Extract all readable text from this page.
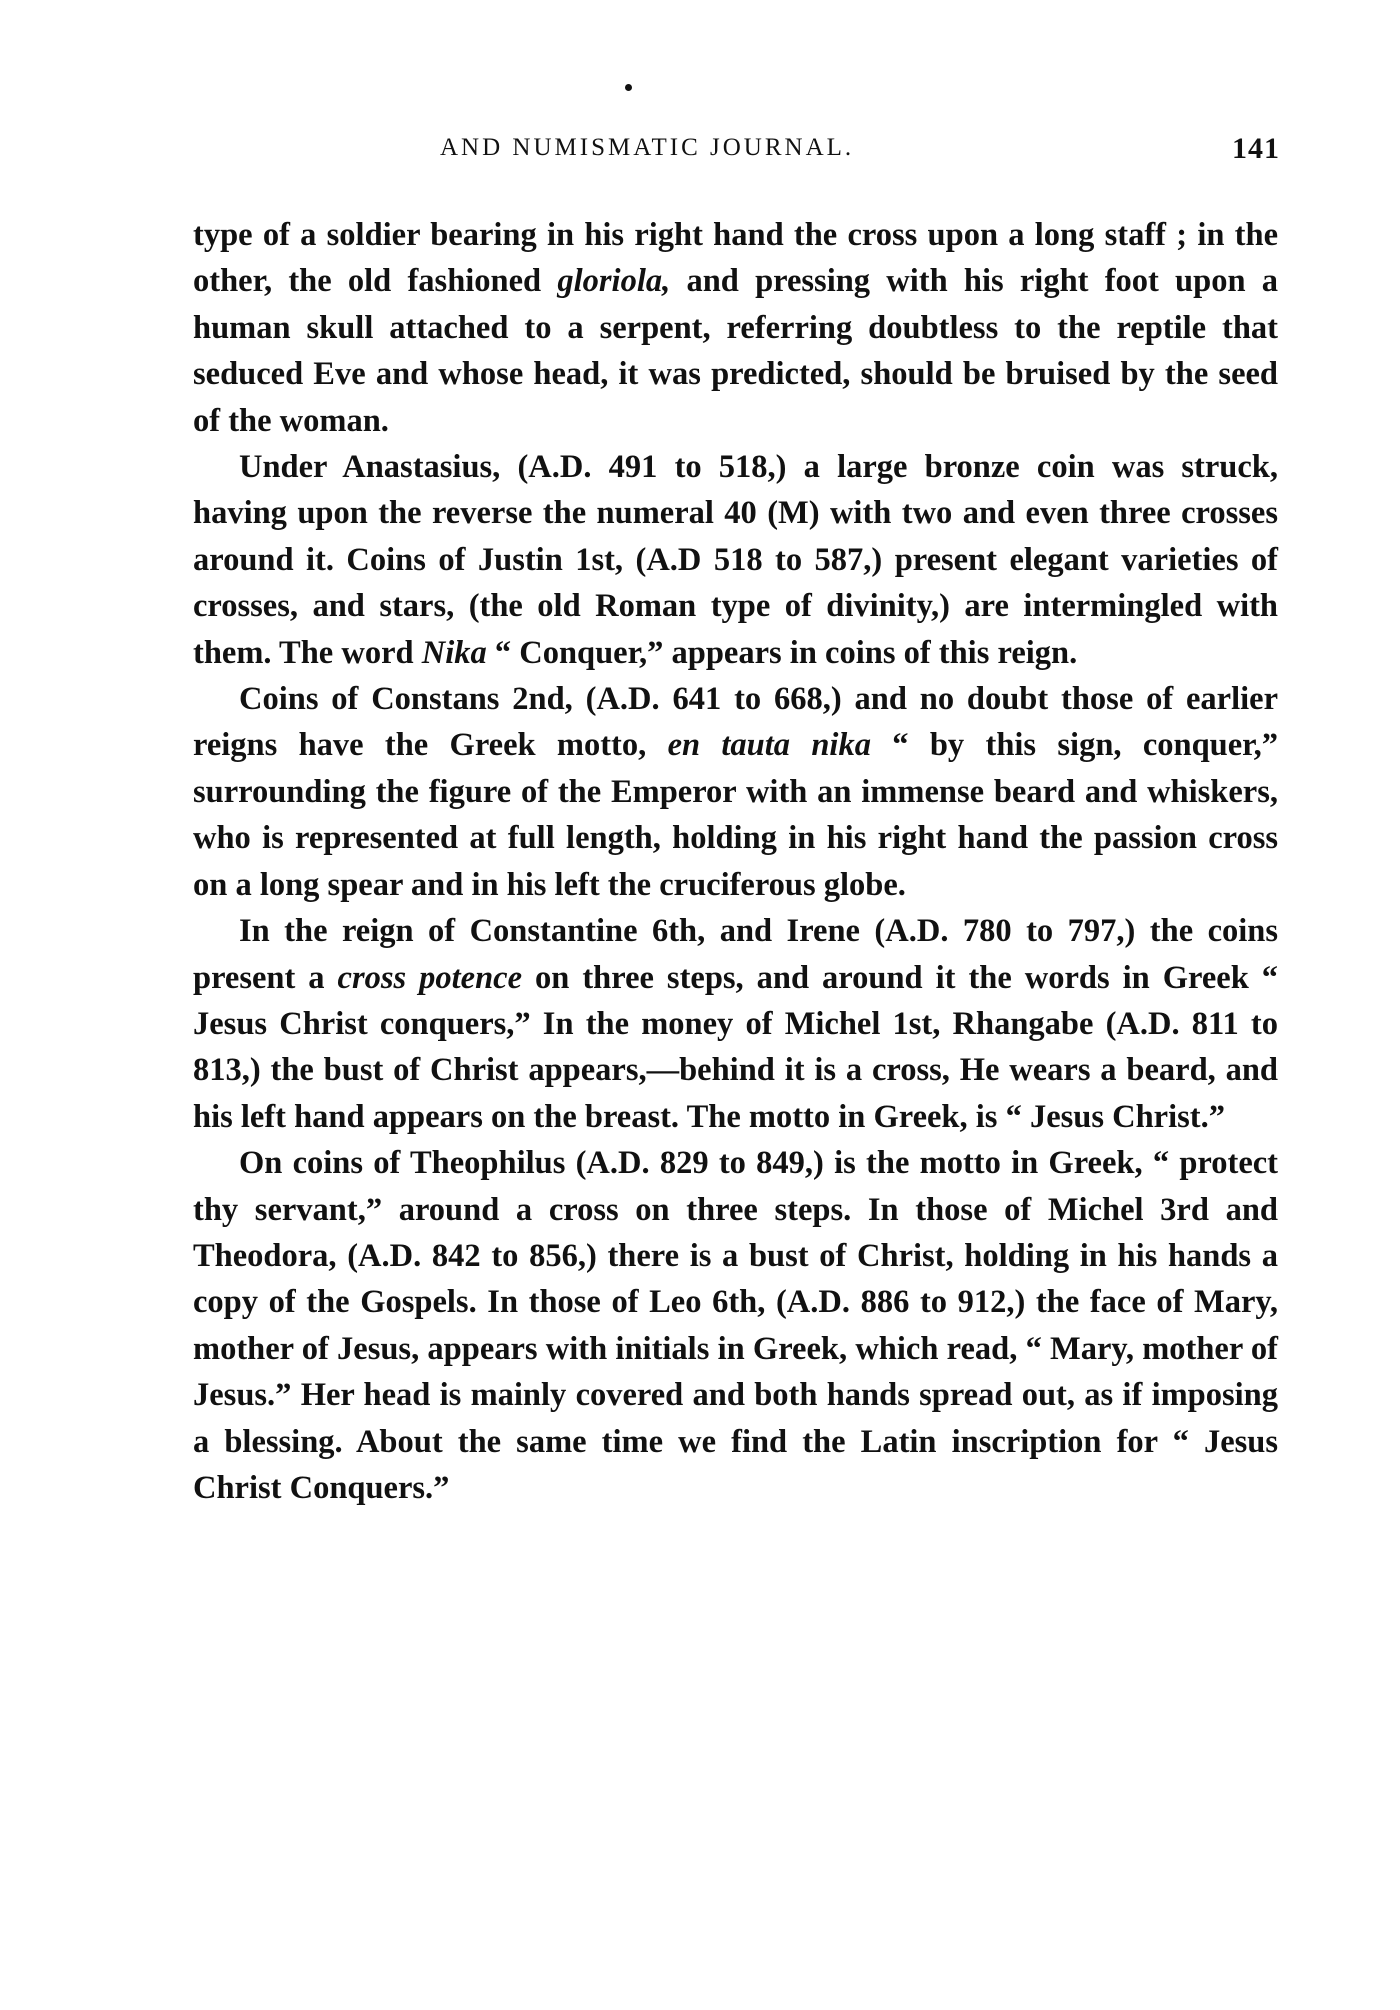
AND NUMISMATIC JOURNAL.	141

type of a soldier bearing in his right hand the cross upon a long staff ; in the other, the old fashioned gloriola, and pressing with his right foot upon a human skull attached to a serpent, referring doubtless to the reptile that seduced Eve and whose head, it was predicted, should be bruised by the seed of the woman.

Under Anastasius, (A.D. 491 to 518,) a large bronze coin was struck, having upon the reverse the numeral 40 (M) with two and even three crosses around it. Coins of Justin 1st, (A.D 518 to 587,) present elegant varieties of crosses, and stars, (the old Roman type of divinity,) are intermingled with them. The word Nika “ Conquer,” appears in coins of this reign.

Coins of Constans 2nd, (A.D. 641 to 668,) and no doubt those of earlier reigns have the Greek motto, en tauta nika “ by this sign, conquer,” surrounding the figure of the Emperor with an immense beard and whiskers, who is represented at full length, holding in his right hand the passion cross on a long spear and in his left the cruciferous globe.

In the reign of Constantine 6th, and Irene (A.D. 780 to 797,) the coins present a cross potence on three steps, and around it the words in Greek “ Jesus Christ conquers,” In the money of Michel 1st, Rhangabe (A.D. 811 to 813,) the bust of Christ appears,—behind it is a cross, He wears a beard, and his left hand appears on the breast. The motto in Greek, is “ Jesus Christ.”

On coins of Theophilus (A.D. 829 to 849,) is the motto in Greek, “ protect thy servant,” around a cross on three steps. In those of Michel 3rd and Theodora, (A.D. 842 to 856,) there is a bust of Christ, holding in his hands a copy of the Gospels. In those of Leo 6th, (A.D. 886 to 912,) the face of Mary, mother of Jesus, appears with initials in Greek, which read, “ Mary, mother of Jesus.” Her head is mainly covered and both hands spread out, as if imposing a blessing. About the same time we find the Latin inscription for “ Jesus Christ Conquers.”
